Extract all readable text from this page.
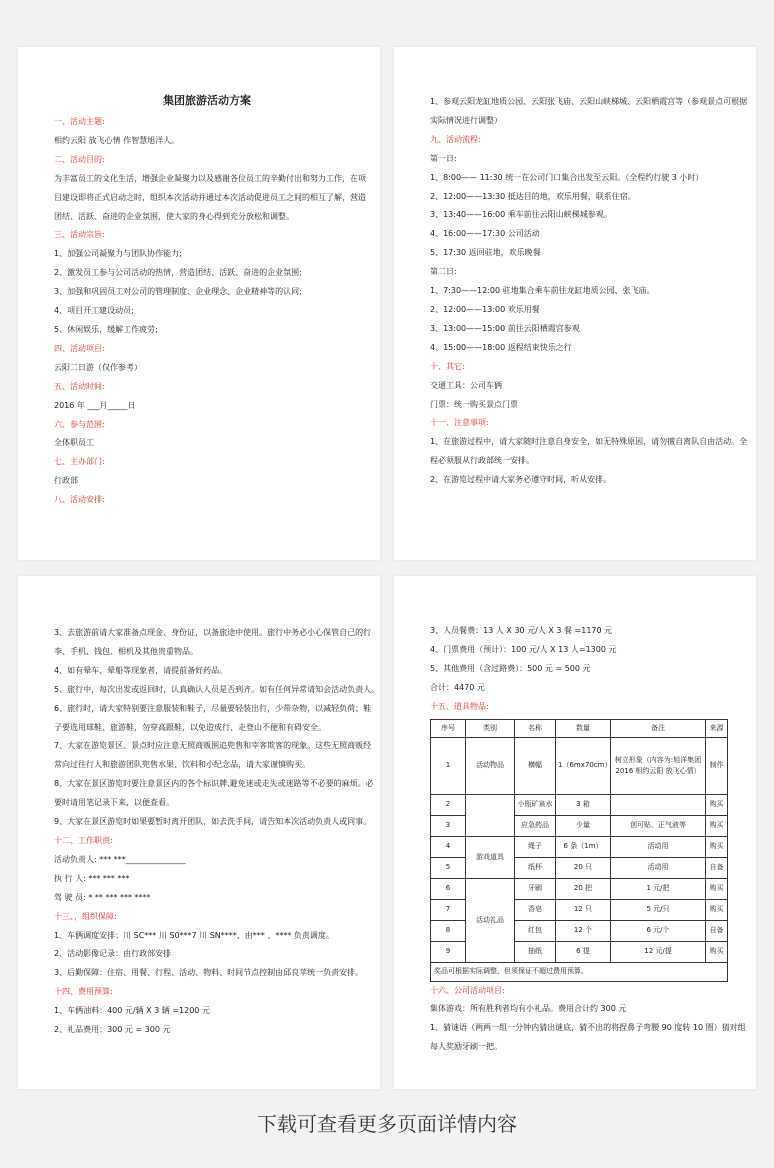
集团旅游活动方案

一、活动主题:

相约云阳 放飞心情 作智慧旭洋人。

二、活动目的:

为丰富员工的文化生活，增强企业凝聚力以及感谢各位员工的辛勤付出和努力工作，在项

目建设即将正式启动之时，组织本次活动并通过本次活动促进员工之间的相互了解，营造

团结、活跃、奋进的企业氛围，使大家的身心得到充分放松和调整。

三、活动宗旨:

1、加强公司凝聚力与团队协作能力;

2、激发员工参与公司活动的热情，营造团结、活跃、奋进的企业氛围;

3、加强和巩固员工对公司的管理制度、企业理念、企业精神等的认同;

4、项目开工建设动员;

5、休闲娱乐，缓解工作疲劳;

四、活动项目:

云阳二日游（仅作参考）

五、活动时间:

2016 年 ___月_____日

六、参与范围:

全体职员工

七、主办部门:

行政部

八、活动安排:

1、参观云阳龙缸地质公园、云阳张飞庙、云阳山峡梯城、云阳栖霞宫等（参观景点可根据

实际情况进行调整）

九、活动流程:

第一日:

1、8:00—— 11:30 统一在公司门口集合出发至云阳。（全程约行驶 3 小时）

2、12:00——13:30 抵达目的地，欢乐用餐，联系住宿。

3、13:40——16:00 乘车前往云阳山峡梯城参观。

4、16:00——17:30 公司活动

5、17:30 返回驻地，欢乐晚餐

第二日:

1、7:30——12:00 驻地集合乘车前往龙缸地质公园、张飞庙。

2、12:00——13:00 欢乐用餐

3、13:00——15:00 前往云阳栖霞宫参观

4、15:00——18:00 返程结束快乐之行

十、其它:

交通工具：公司车俩

门票：统一购买景点门票

十一、注意事项:

1、在旅游过程中，请大家随时注意自身安全，如无特殊原因，请勿擅自离队自由活动。全

程必须服从行政部统一安排。

2、在游览过程中请大家务必遵守时间，听从安排。

3、去旅游前请大家准备点现金、身份证，以备旅途中使用。旅行中务必小心保管自己的行

李、手机、钱包、相机及其他贵重物品。

4、如有晕车、晕船等现象者，请提前备好药品。

5、旅行中，每次出发或返回时，认真确认人员是否到齐。如有任何异常请知会活动负责人。

6、旅行时，请大家特别要注意服装和鞋子，尽量要轻装出行，少带杂物，以减轻负荷；鞋

子要选用球鞋、旅游鞋，勿穿高跟鞋，以免造成行、走登山不便和有碍安全。

7、大家在游览景区、景点时应注意无照商贩围追兜售和宰客欺客的现象。这些无照商贩经

常向过往行人和旅游团队兜售水果、饮料和小纪念品，请大家谨慎购买。

8、大家在景区游览时要注意景区内的各个标识牌,避免迷或走失或迷路等不必要的麻烦。必

要时请用笔记录下来，以便查看。

9、大家在景区游览时如果要暂时离开团队，如去洗手间，请告知本次活动负责人或同事。

十二、工作职责:

活动负责人: *** ***_______________

执 行 人: *** *** ***

驾 驶 员: * ** *** *** ****

十三、，组织保障:

1、车俩调度安排：川 SC*** 川 S0***7 川 SN****、由*** 、**** 负责调度。

2、活动影像记录：由行政部安排

3、后勤保障：住宿、用餐、行程、活动、物料、时间节点控制由邱良苹统一负责安排。

十四、费用预算:

1、车俩油料：400 元/辆 X 3 辆 =1200 元

2、礼品费用：300 元 = 300 元

3、人员餐费：13 人 X 30 元/人 X 3 餐 =1170 元

4、门票费用（预计）：100 元/人 X 13 人=1300 元

5、其他费用（含过路费）：500 元 = 500 元

合计：4470 元

十五、道具物品:

序号	类别	名称	数量	备注	来源
1	活动物品	横幅	1（6mx70cm）	树立形象（内容为:旭洋集团2016 相约云阳 放飞心情）	制作
2		小瓶矿泉水	3 箱		购买
3		应急药品	少量	创可贴、正气液等	购买
4	游戏道具	绳子	6 条（1m）	活动用	购买
5		纸杯	20 只	活动用	自备
6	活动礼品	牙刷	20 把	1 元/把	购买
7		香皂	12 只	5 元/只	购买
8		红包	12 个	6 元/个	自备
9		抽纸	6 提	12 元/提	购买
奖品可根据实际调整，但须保证不超过费用预算。					

十六、公司活动项目:

集体游戏：所有胜利者均有小礼品。费用合计约 300 元

1、猜谜语（两两一组一分钟内猜出谜底，猜不出的将捏鼻子弯腰 90 度转 10 圈）猜对组

每人奖励牙刷一把。

下载可查看更多页面详情内容
